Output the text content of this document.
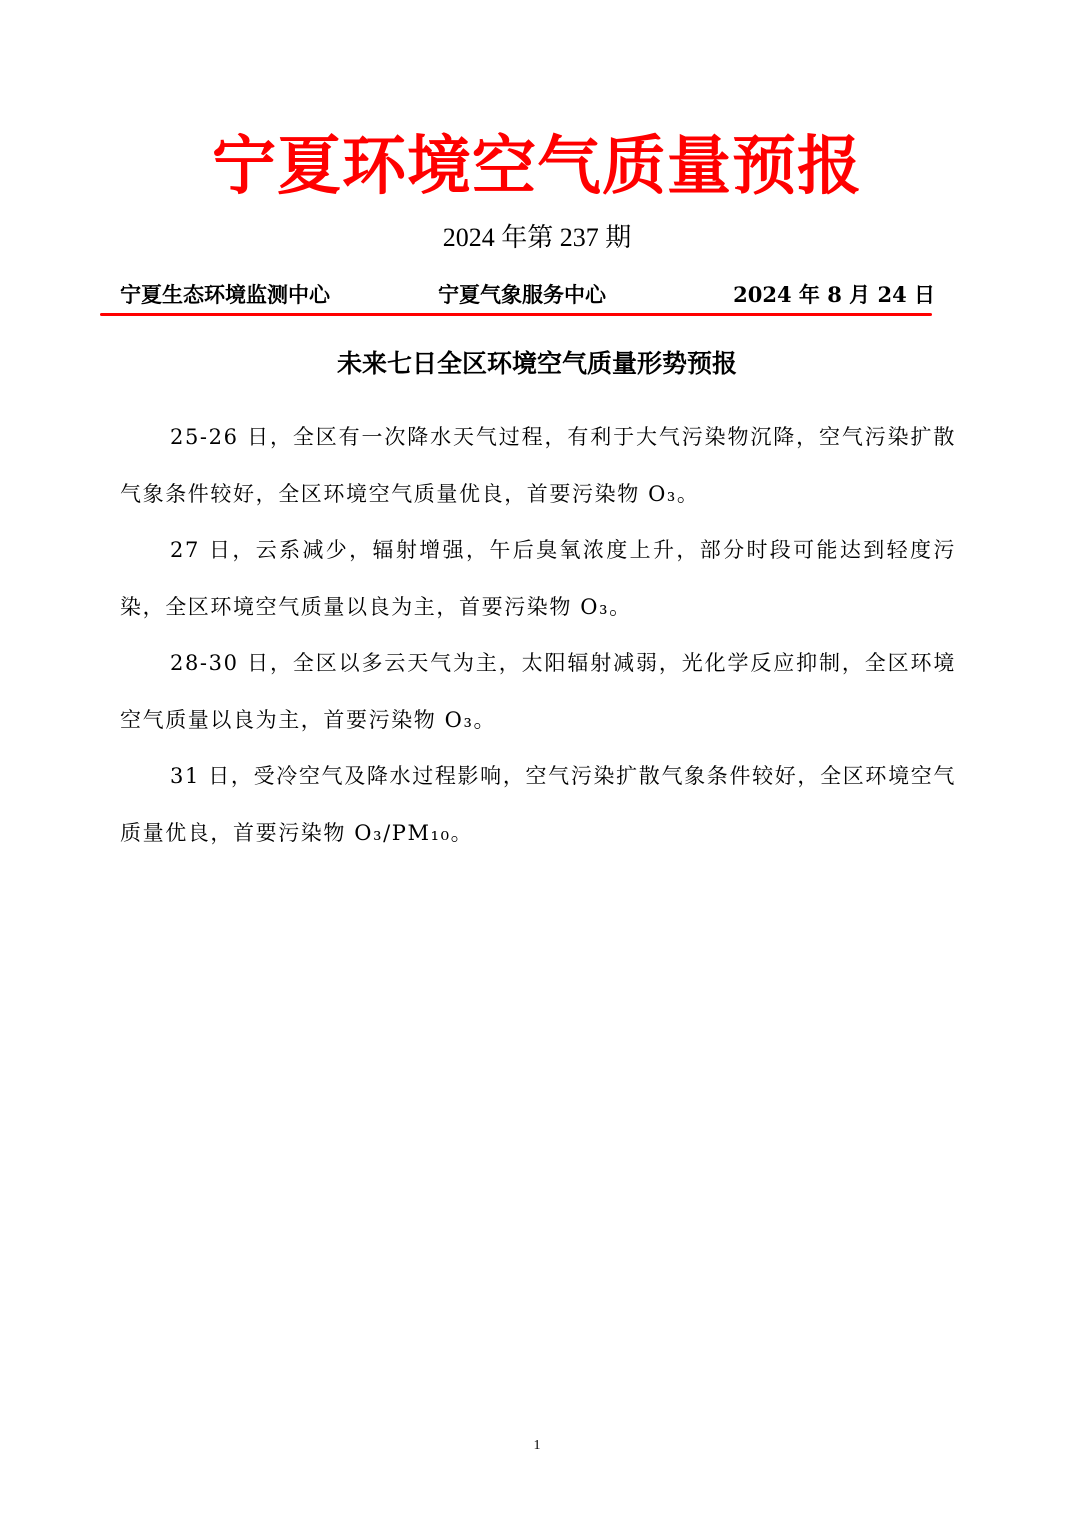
宁夏环境空气质量预报
2024 年第 237 期
宁夏生态环境监测中心	宁夏气象服务中心	2024 年 8 月 24 日
未来七日全区环境空气质量形势预报

25-26 日，全区有一次降水天气过程，有利于大气污染物沉降，空气污染扩散气象条件较好，全区环境空气质量优良，首要污染物 O₃。

27 日，云系减少，辐射增强，午后臭氧浓度上升，部分时段可能达到轻度污染，全区环境空气质量以良为主，首要污染物 O₃。

28-30 日，全区以多云天气为主，太阳辐射减弱，光化学反应抑制，全区环境空气质量以良为主，首要污染物 O₃。

31 日，受冷空气及降水过程影响，空气污染扩散气象条件较好，全区环境空气质量优良，首要污染物 O₃/PM₁₀。

1
